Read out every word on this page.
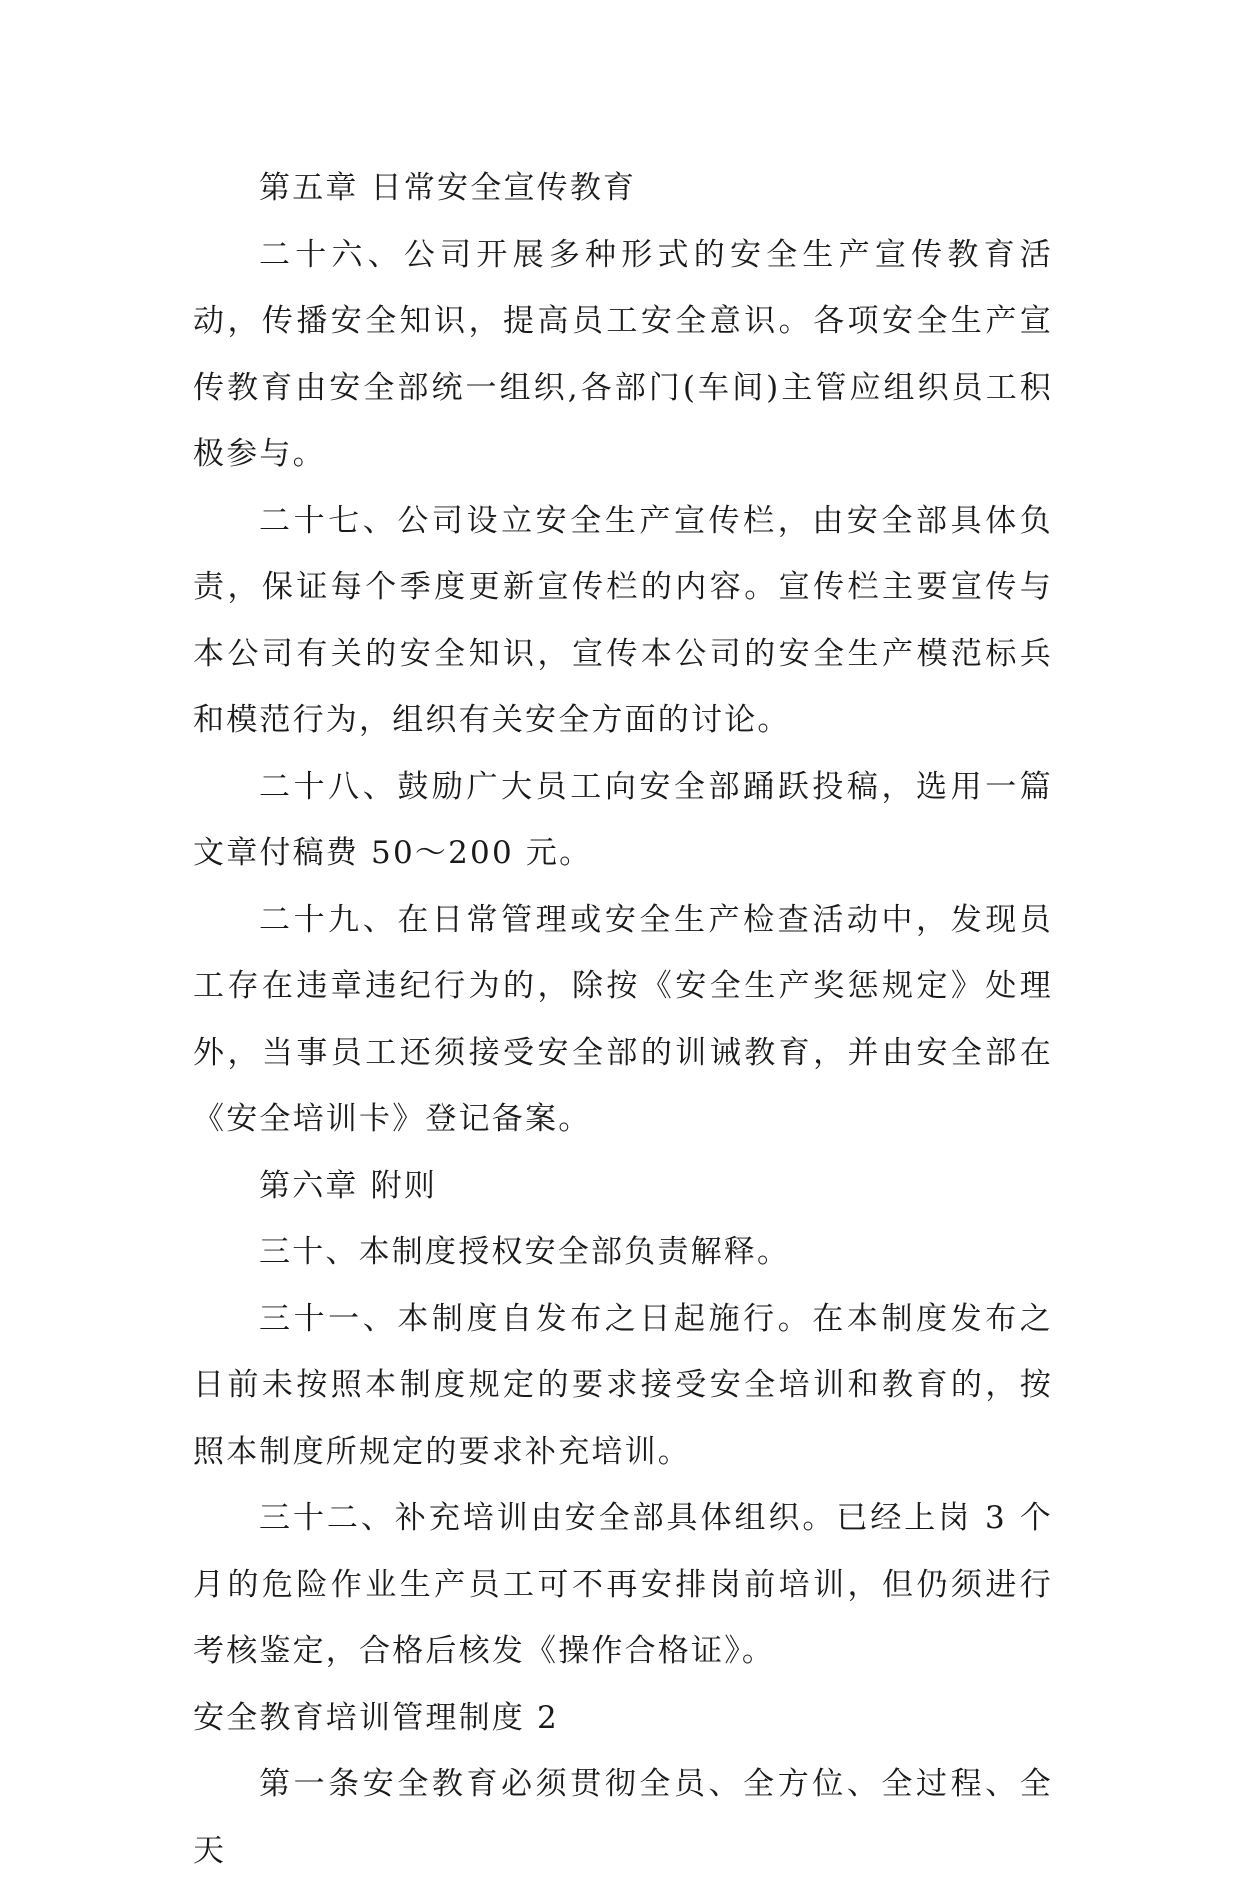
第五章 日常安全宣传教育

二十六、公司开展多种形式的安全生产宣传教育活动，传播安全知识，提高员工安全意识。各项安全生产宣传教育由安全部统一组织,各部门(车间)主管应组织员工积极参与。

二十七、公司设立安全生产宣传栏，由安全部具体负责，保证每个季度更新宣传栏的内容。宣传栏主要宣传与本公司有关的安全知识，宣传本公司的安全生产模范标兵和模范行为，组织有关安全方面的讨论。

二十八、鼓励广大员工向安全部踊跃投稿，选用一篇文章付稿费 50～200 元。

二十九、在日常管理或安全生产检查活动中，发现员工存在违章违纪行为的，除按《安全生产奖惩规定》处理外，当事员工还须接受安全部的训诫教育，并由安全部在《安全培训卡》登记备案。

第六章 附则

三十、本制度授权安全部负责解释。

三十一、本制度自发布之日起施行。在本制度发布之日前未按照本制度规定的要求接受安全培训和教育的，按照本制度所规定的要求补充培训。

三十二、补充培训由安全部具体组织。已经上岗 3 个月的危险作业生产员工可不再安排岗前培训，但仍须进行考核鉴定，合格后核发《操作合格证》。

安全教育培训管理制度 2

第一条安全教育必须贯彻全员、全方位、全过程、全天
